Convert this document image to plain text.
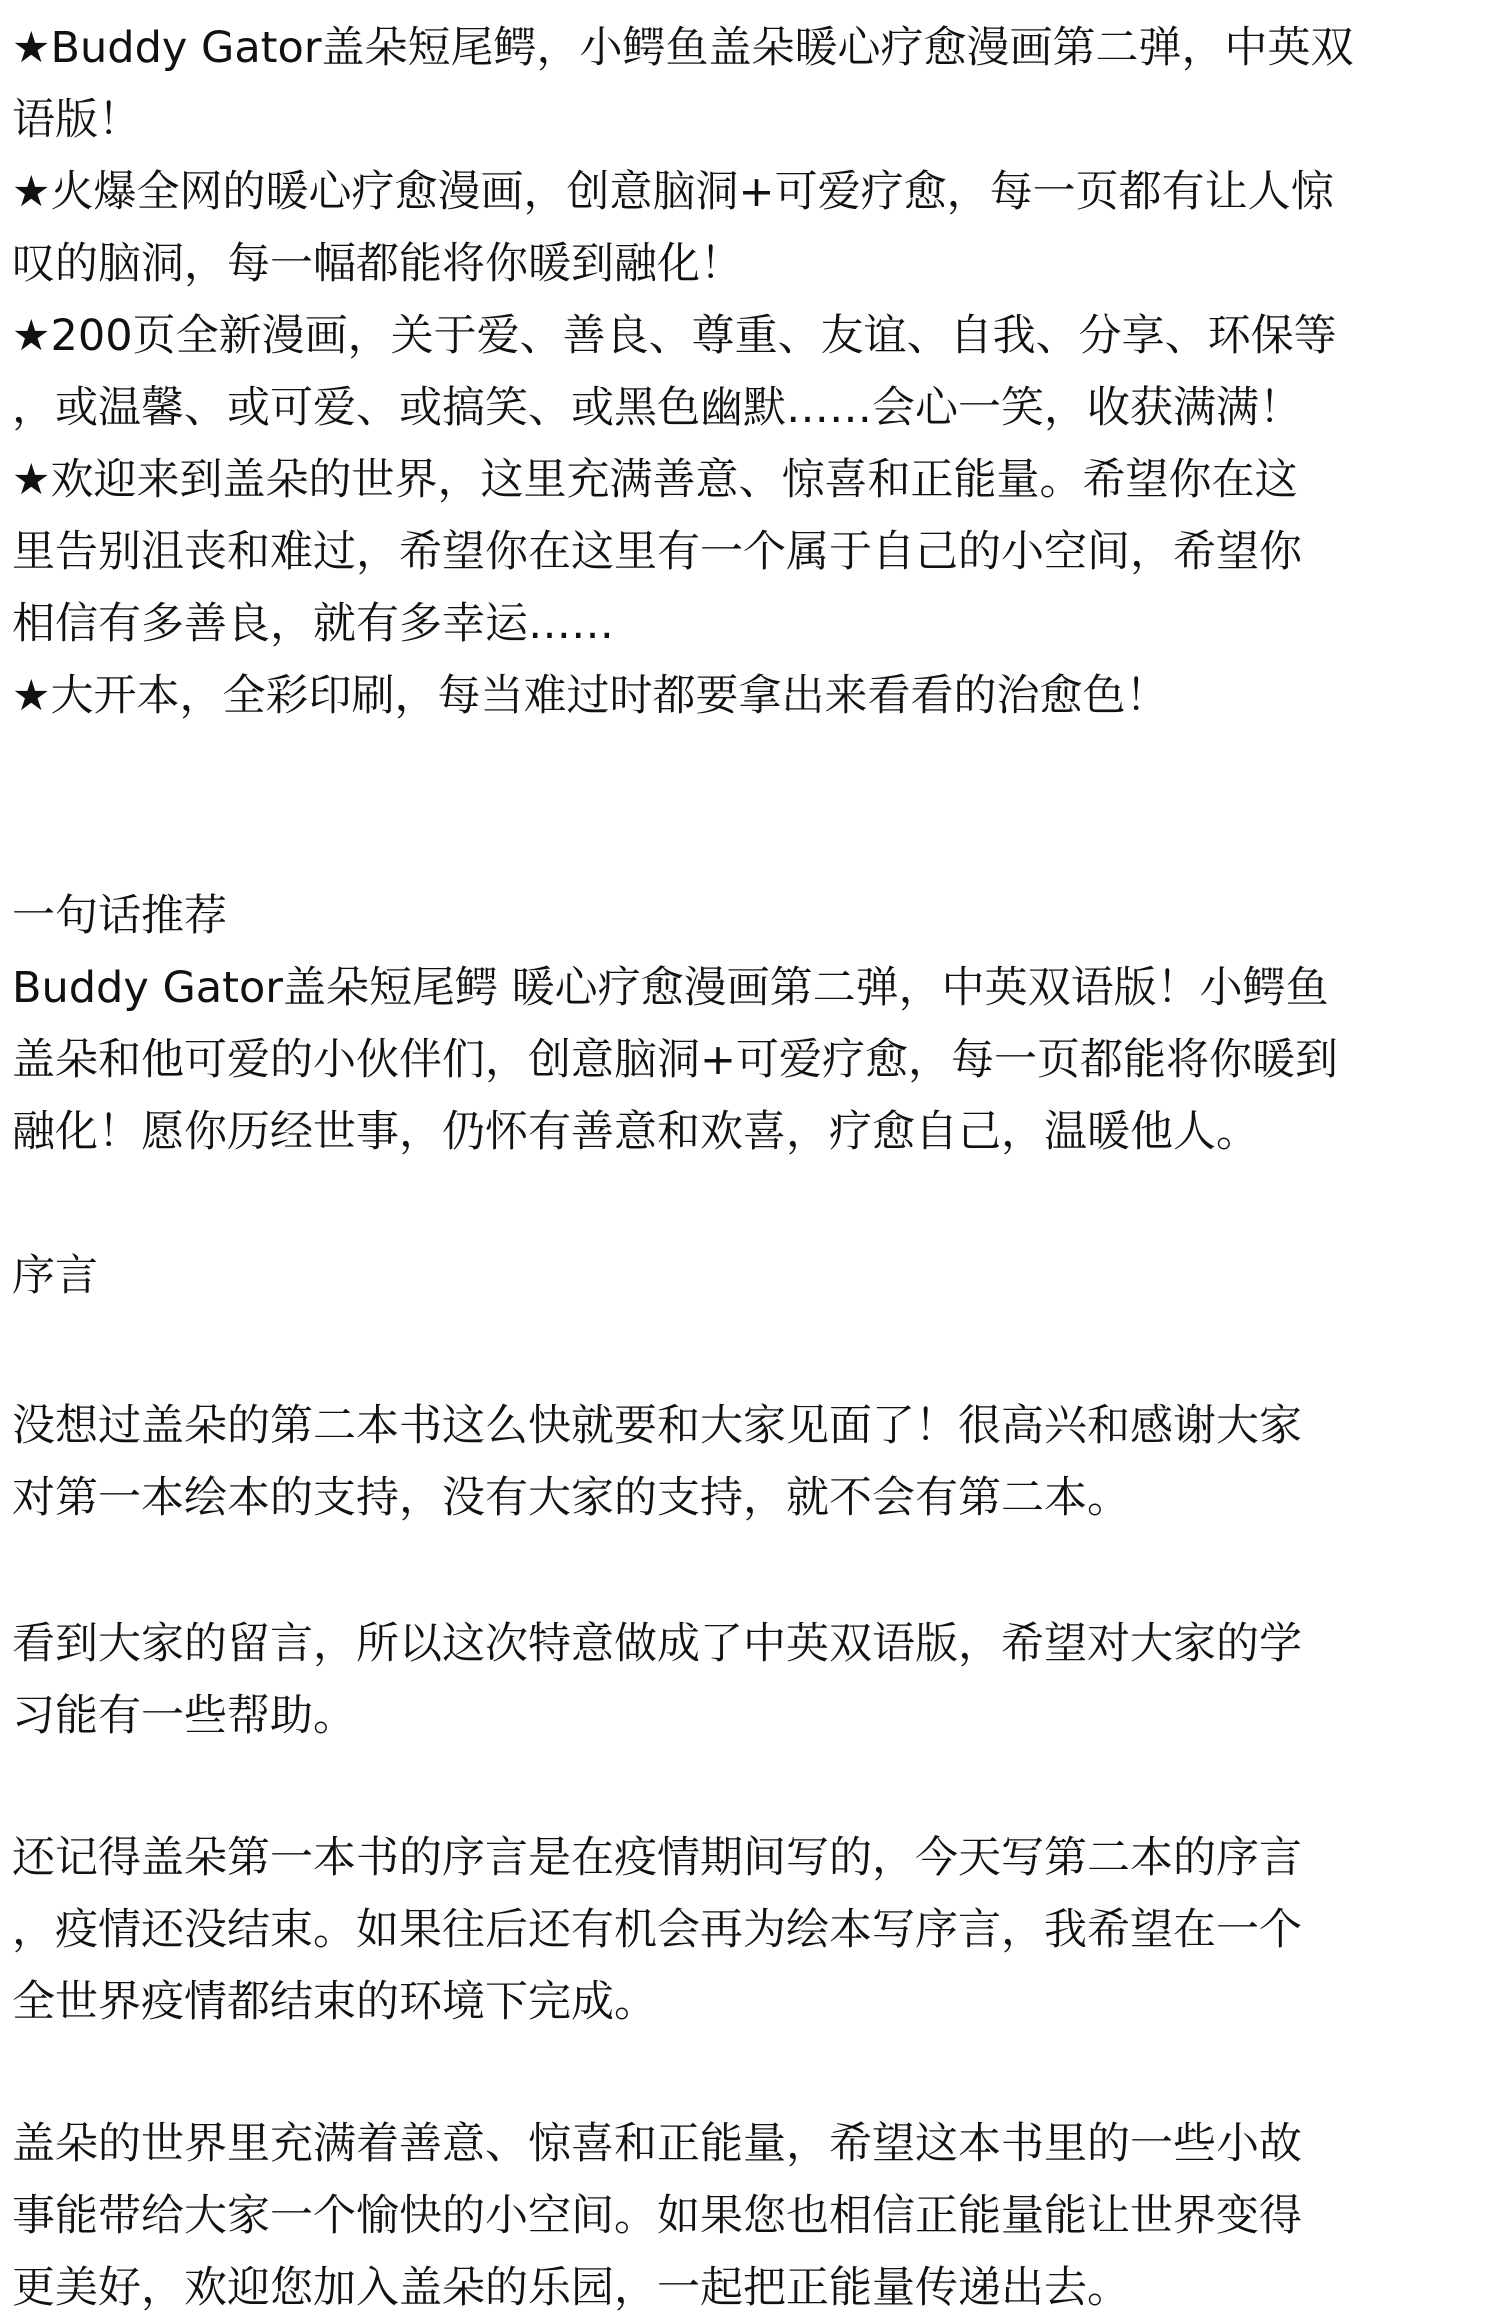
★Buddy Gator盖朵短尾鳄，小鳄鱼盖朵暖心疗愈漫画第二弹，中英双
语版！
★火爆全网的暖心疗愈漫画，创意脑洞+可爱疗愈，每一页都有让人惊
叹的脑洞，每一幅都能将你暖到融化！
★200页全新漫画，关于爱、善良、尊重、友谊、自我、分享、环保等
，或温馨、或可爱、或搞笑、或黑色幽默……会心一笑，收获满满！
★欢迎来到盖朵的世界，这里充满善意、惊喜和正能量。希望你在这
里告别沮丧和难过，希望你在这里有一个属于自己的小空间，希望你
相信有多善良，就有多幸运……
★大开本，全彩印刷，每当难过时都要拿出来看看的治愈色！
一句话推荐
Buddy Gator盖朵短尾鳄 暖心疗愈漫画第二弹，中英双语版！小鳄鱼
盖朵和他可爱的小伙伴们，创意脑洞+可爱疗愈，每一页都能将你暖到
融化！愿你历经世事，仍怀有善意和欢喜，疗愈自己，温暖他人。
序言
没想过盖朵的第二本书这么快就要和大家见面了！很高兴和感谢大家
对第一本绘本的支持，没有大家的支持，就不会有第二本。
看到大家的留言，所以这次特意做成了中英双语版，希望对大家的学
习能有一些帮助。
还记得盖朵第一本书的序言是在疫情期间写的，今天写第二本的序言
，疫情还没结束。如果往后还有机会再为绘本写序言，我希望在一个
全世界疫情都结束的环境下完成。
盖朵的世界里充满着善意、惊喜和正能量，希望这本书里的一些小故
事能带给大家一个愉快的小空间。如果您也相信正能量能让世界变得
更美好，欢迎您加入盖朵的乐园，一起把正能量传递出去。
